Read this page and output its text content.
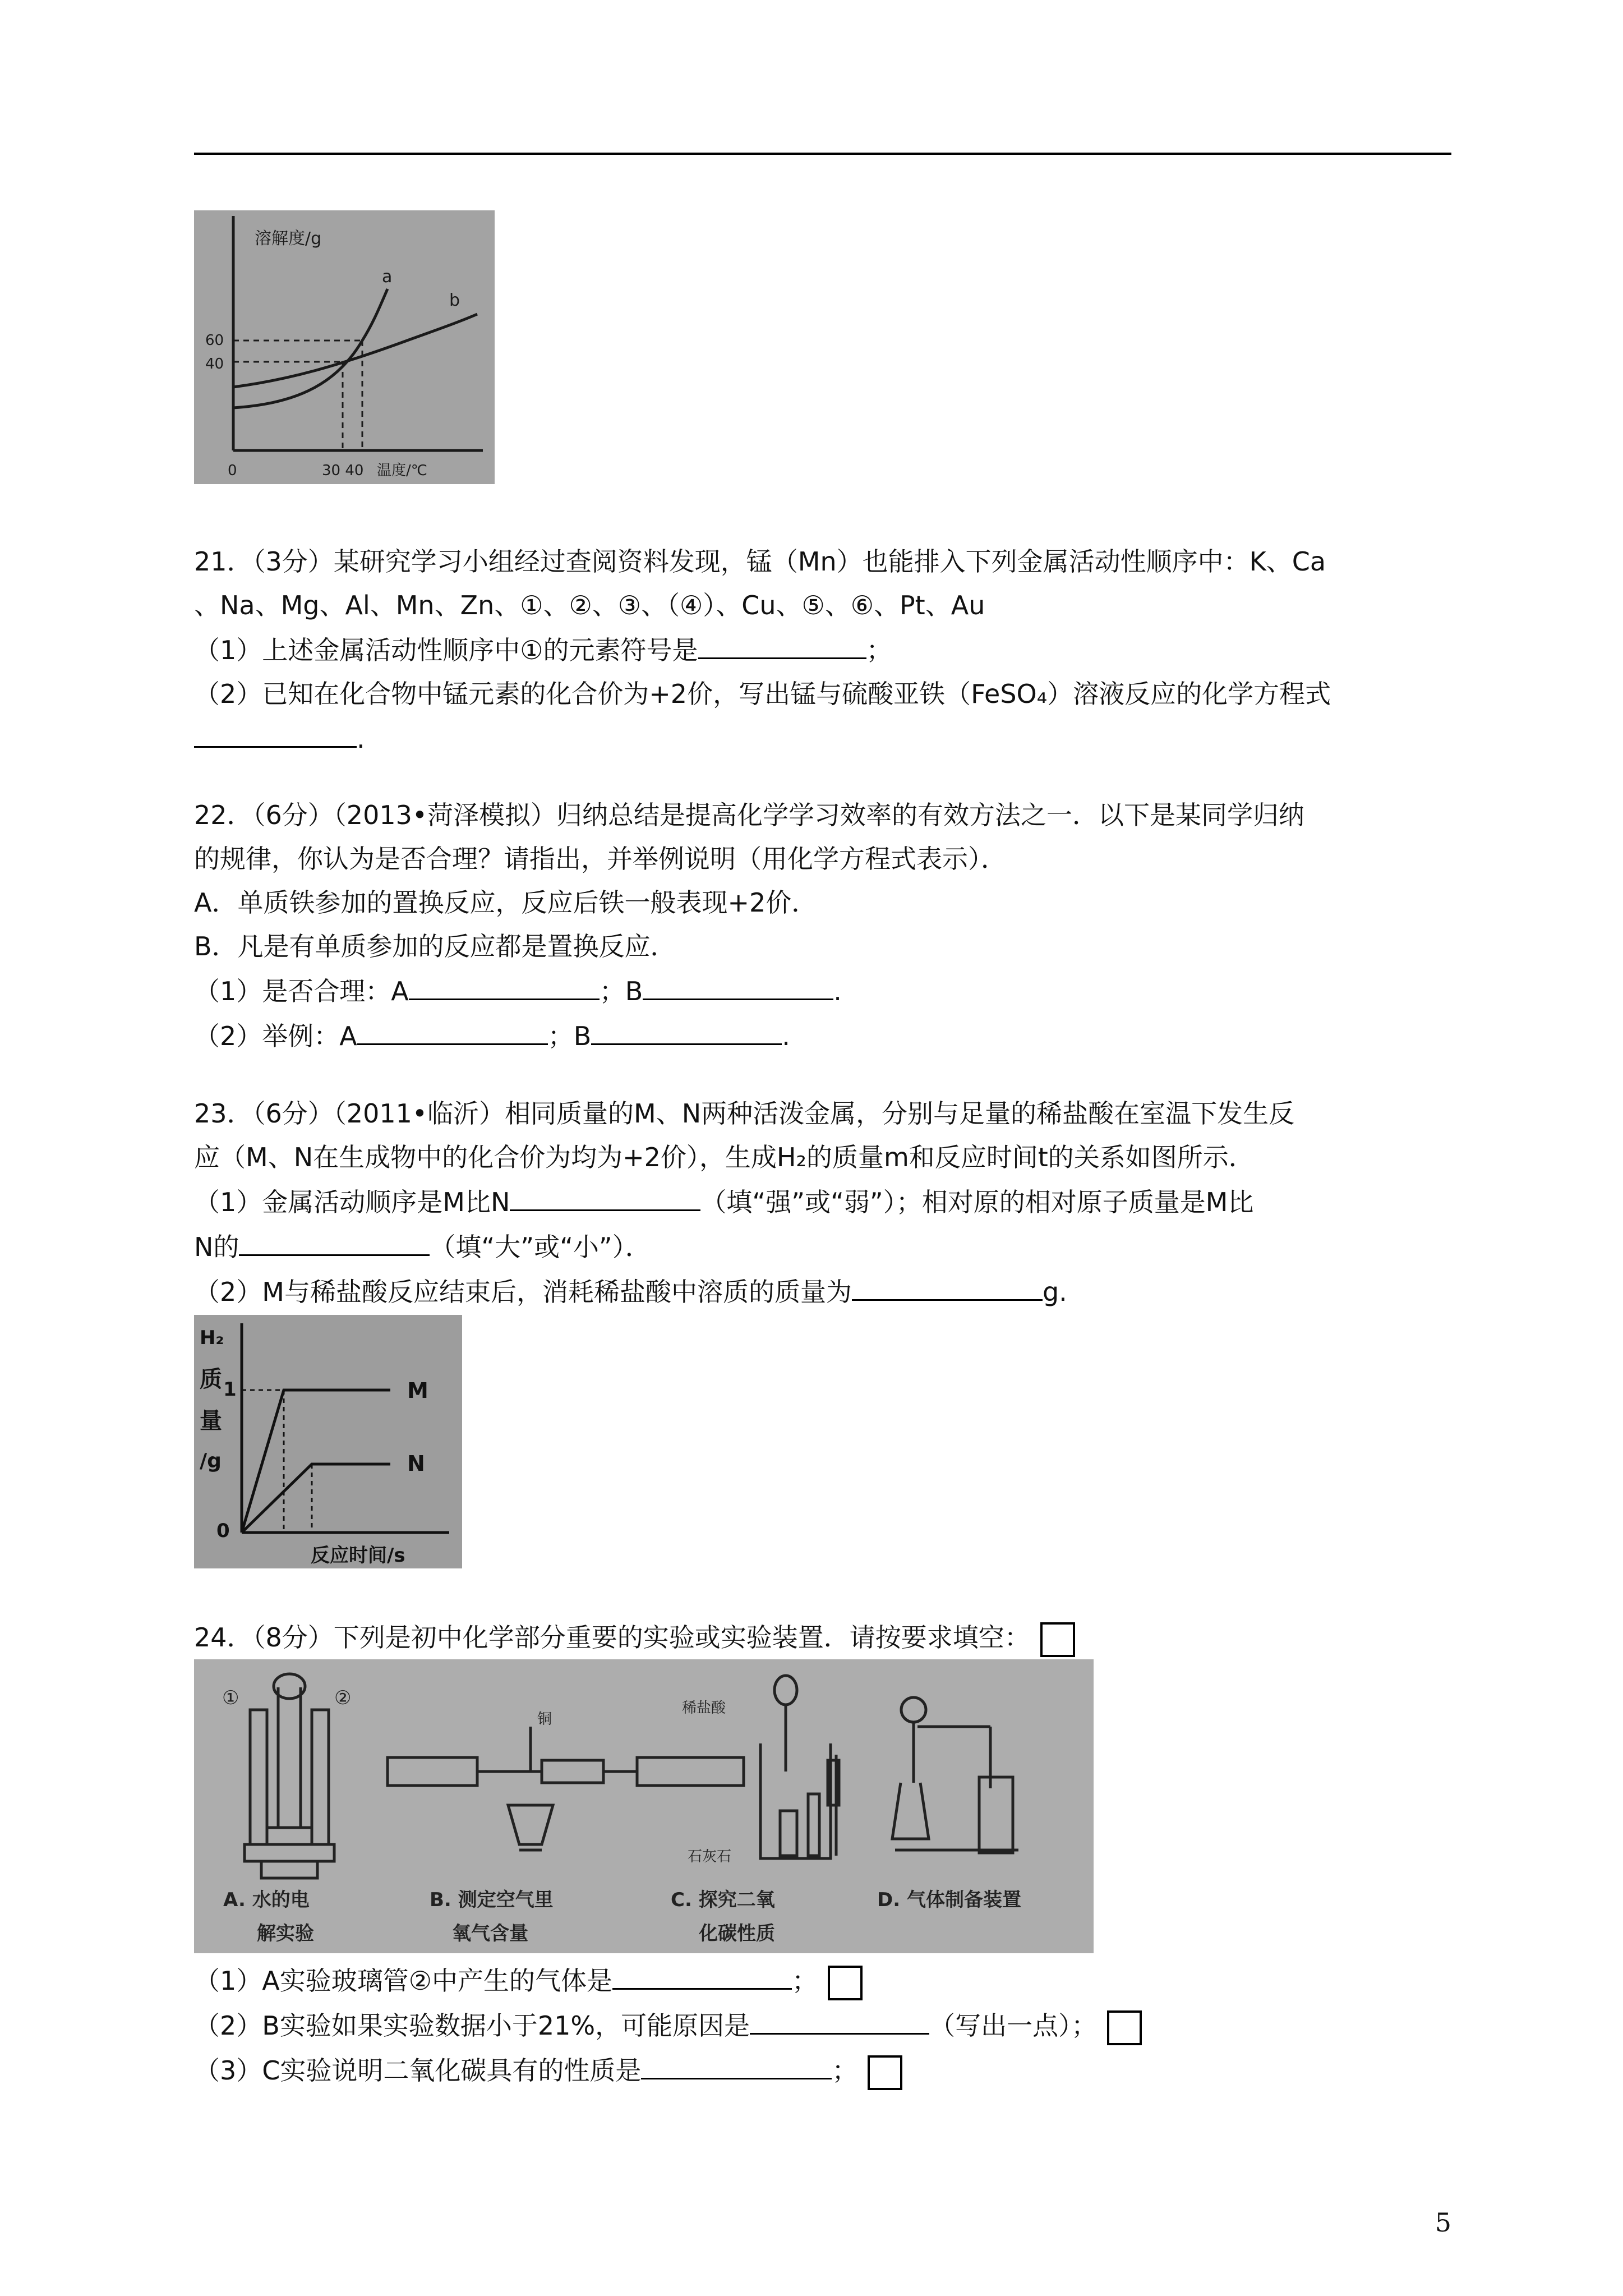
溶解度/g
60
40
a
b
0	30 40 温度/℃
21．（3分）某研究学习小组经过查阅资料发现，锰（Mn）也能排入下列金属活动性顺序中：K、Ca
、Na、Mg、Al、Mn、Zn、①、②、③、（④）、Cu、⑤、⑥、Pt、Au
（1）上述金属活动性顺序中①的元素符号是	；
（2）已知在化合物中锰元素的化合价为+2价，写出锰与硫酸亚铁（FeSO₄）溶液反应的化学方程式
.
22．（6分）（2013•菏泽模拟）归纳总结是提高化学学习效率的有效方法之一．以下是某同学归纳
的规律，你认为是否合理？请指出，并举例说明（用化学方程式表示）．
A．单质铁参加的置换反应，反应后铁一般表现+2价．
B．凡是有单质参加的反应都是置换反应．
（1）是否合理：A	；B	.
（2）举例：A	；B	.
23．（6分）（2011•临沂）相同质量的M、N两种活泼金属，分别与足量的稀盐酸在室温下发生反
应（M、N在生成物中的化合价为均为+2价），生成H₂的质量m和反应时间t的关系如图所示．
（1）金属活动顺序是M比N	（填“强”或“弱”）；相对原的相对原子质量是M比
N的	（填“大”或“小”）．
（2）M与稀盐酸反应结束后，消耗稀盐酸中溶质的质量为	g.
H₂
质
量
/g
1
0
M
N
反应时间/s
24．（8分）下列是初中化学部分重要的实验或实验装置．请按要求填空：
①	②
铜
稀盐酸
石灰石
A. 水的电
解实验
B. 测定空气里
氧气含量
C. 探究二氧
化碳性质
D. 气体制备装置
（1）A实验玻璃管②中产生的气体是	；
（2）B实验如果实验数据小于21%，可能原因是	（写出一点）；
（3）C实验说明二氧化碳具有的性质是	；
5
